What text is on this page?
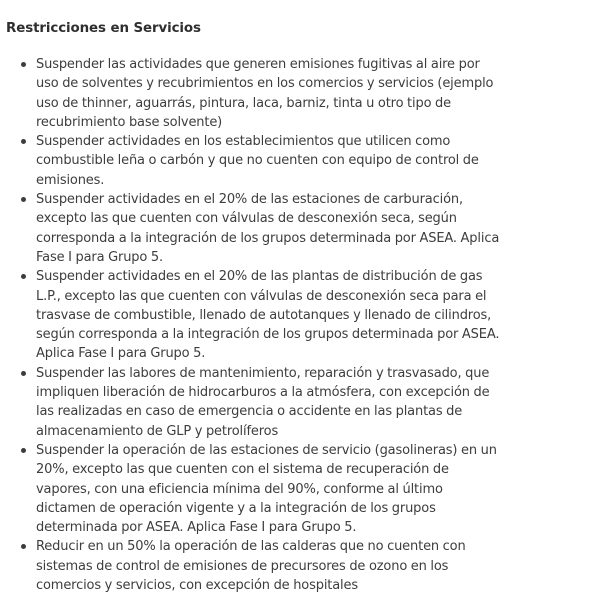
Restricciones en Servicios
Suspender las actividades que generen emisiones fugitivas al aire por uso de solventes y recubrimientos en los comercios y servicios (ejemplo uso de thinner, aguarrás, pintura, laca, barniz, tinta u otro tipo de recubrimiento base solvente)
Suspender actividades en los establecimientos que utilicen como combustible leña o carbón y que no cuenten con equipo de control de emisiones.
Suspender actividades en el 20% de las estaciones de carburación, excepto las que cuenten con válvulas de desconexión seca, según corresponda a la integración de los grupos determinada por ASEA. Aplica Fase I para Grupo 5.
Suspender actividades en el 20% de las plantas de distribución de gas L.P., excepto las que cuenten con válvulas de desconexión seca para el trasvase de combustible, llenado de autotanques y llenado de cilindros, según corresponda a la integración de los grupos determinada por ASEA. Aplica Fase I para Grupo 5.
Suspender las labores de mantenimiento, reparación y trasvasado, que impliquen liberación de hidrocarburos a la atmósfera, con excepción de las realizadas en caso de emergencia o accidente en las plantas de almacenamiento de GLP y petrolíferos
Suspender la operación de las estaciones de servicio (gasolineras) en un 20%, excepto las que cuenten con el sistema de recuperación de vapores, con una eficiencia mínima del 90%, conforme al último dictamen de operación vigente y a la integración de los grupos determinada por ASEA. Aplica Fase I para Grupo 5.
Reducir en un 50% la operación de las calderas que no cuenten con sistemas de control de emisiones de precursores de ozono en los comercios y servicios, con excepción de hospitales
